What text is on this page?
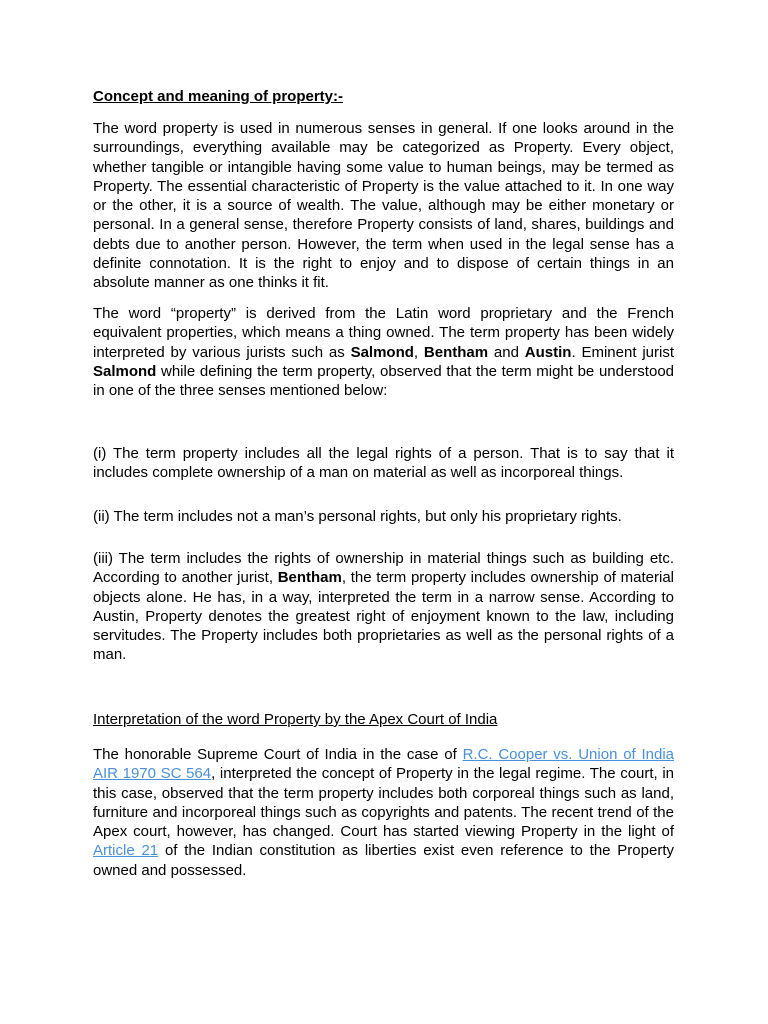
Concept and meaning of property:-

The word property is used in numerous senses in general. If one looks around in the surroundings, everything available may be categorized as Property. Every object, whether tangible or intangible having some value to human beings, may be termed as Property. The essential characteristic of Property is the value attached to it. In one way or the other, it is a source of wealth. The value, although may be either monetary or personal. In a general sense, therefore Property consists of land, shares, buildings and debts due to another person. However, the term when used in the legal sense has a definite connotation. It is the right to enjoy and to dispose of certain things in an absolute manner as one thinks it fit.

The word “property” is derived from the Latin word proprietary and the French equivalent properties, which means a thing owned. The term property has been widely interpreted by various jurists such as Salmond, Bentham and Austin. Eminent jurist Salmond while defining the term property, observed that the term might be understood in one of the three senses mentioned below:

(i) The term property includes all the legal rights of a person. That is to say that it includes complete ownership of a man on material as well as incorporeal things.

(ii) The term includes not a man’s personal rights, but only his proprietary rights.

(iii) The term includes the rights of ownership in material things such as building etc. According to another jurist, Bentham, the term property includes ownership of material objects alone. He has, in a way, interpreted the term in a narrow sense. According to Austin, Property denotes the greatest right of enjoyment known to the law, including servitudes. The Property includes both proprietaries as well as the personal rights of a man.

Interpretation of the word Property by the Apex Court of India

The honorable Supreme Court of India in the case of R.C. Cooper vs. Union of India AIR 1970 SC 564, interpreted the concept of Property in the legal regime. The court, in this case, observed that the term property includes both corporeal things such as land, furniture and incorporeal things such as copyrights and patents. The recent trend of the Apex court, however, has changed. Court has started viewing Property in the light of Article 21 of the Indian constitution as liberties exist even reference to the Property owned and possessed.
